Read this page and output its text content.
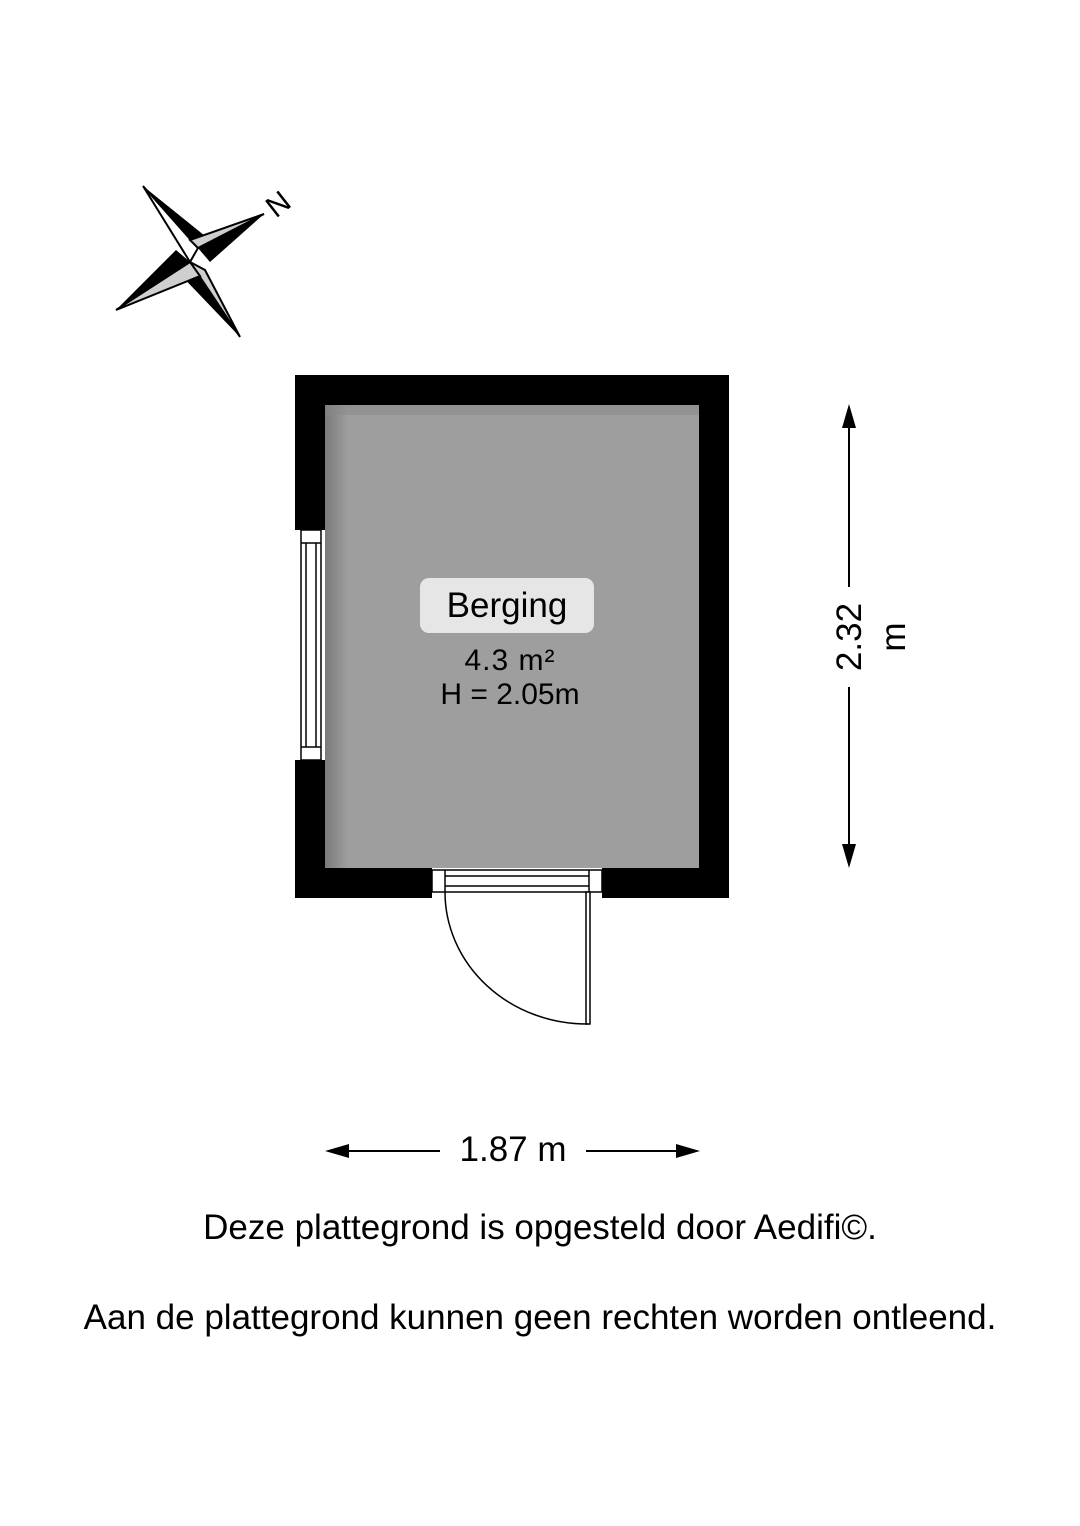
N
Berging
4.3 m²
H = 2.05m
1.87 m
2.32 m
Deze plattegrond is opgesteld door Aedifi©.
Aan de plattegrond kunnen geen rechten worden ontleend.
